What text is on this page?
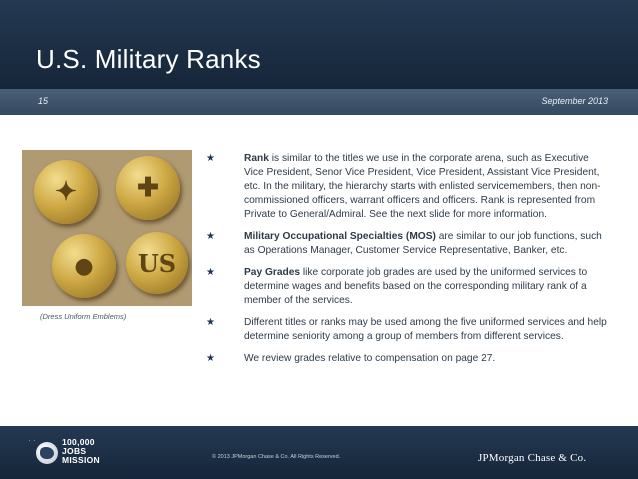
U.S. Military Ranks
15	September 2013
✦	✚
●	US
(Dress Uniform Emblems)
★	Rank is similar to the titles we use in the corporate arena, such as Executive Vice President, Senor Vice President, Vice President, Assistant Vice President, etc. In the military, the hierarchy starts with enlisted servicemembers, then non-commissioned officers, warrant officers and officers. Rank is represented from Private to General/Admiral. See the next slide for more information.
★	Military Occupational Specialties (MOS) are similar to our job functions, such as Operations Manager, Customer Service Representative, Banker, etc.
★	Pay Grades like corporate job grades are used by the uniformed services to determine wages and benefits based on the corresponding military rank of a member of the services.
★	Different titles or ranks may be used among the five uniformed services and help determine seniority among a group of members from different services.
★	We review grades relative to compensation on page 27.
· ·	100,000
JOBS
MISSION	© 2013 JPMorgan Chase & Co. All Rights Reserved.	JPMorgan Chase & Co.
